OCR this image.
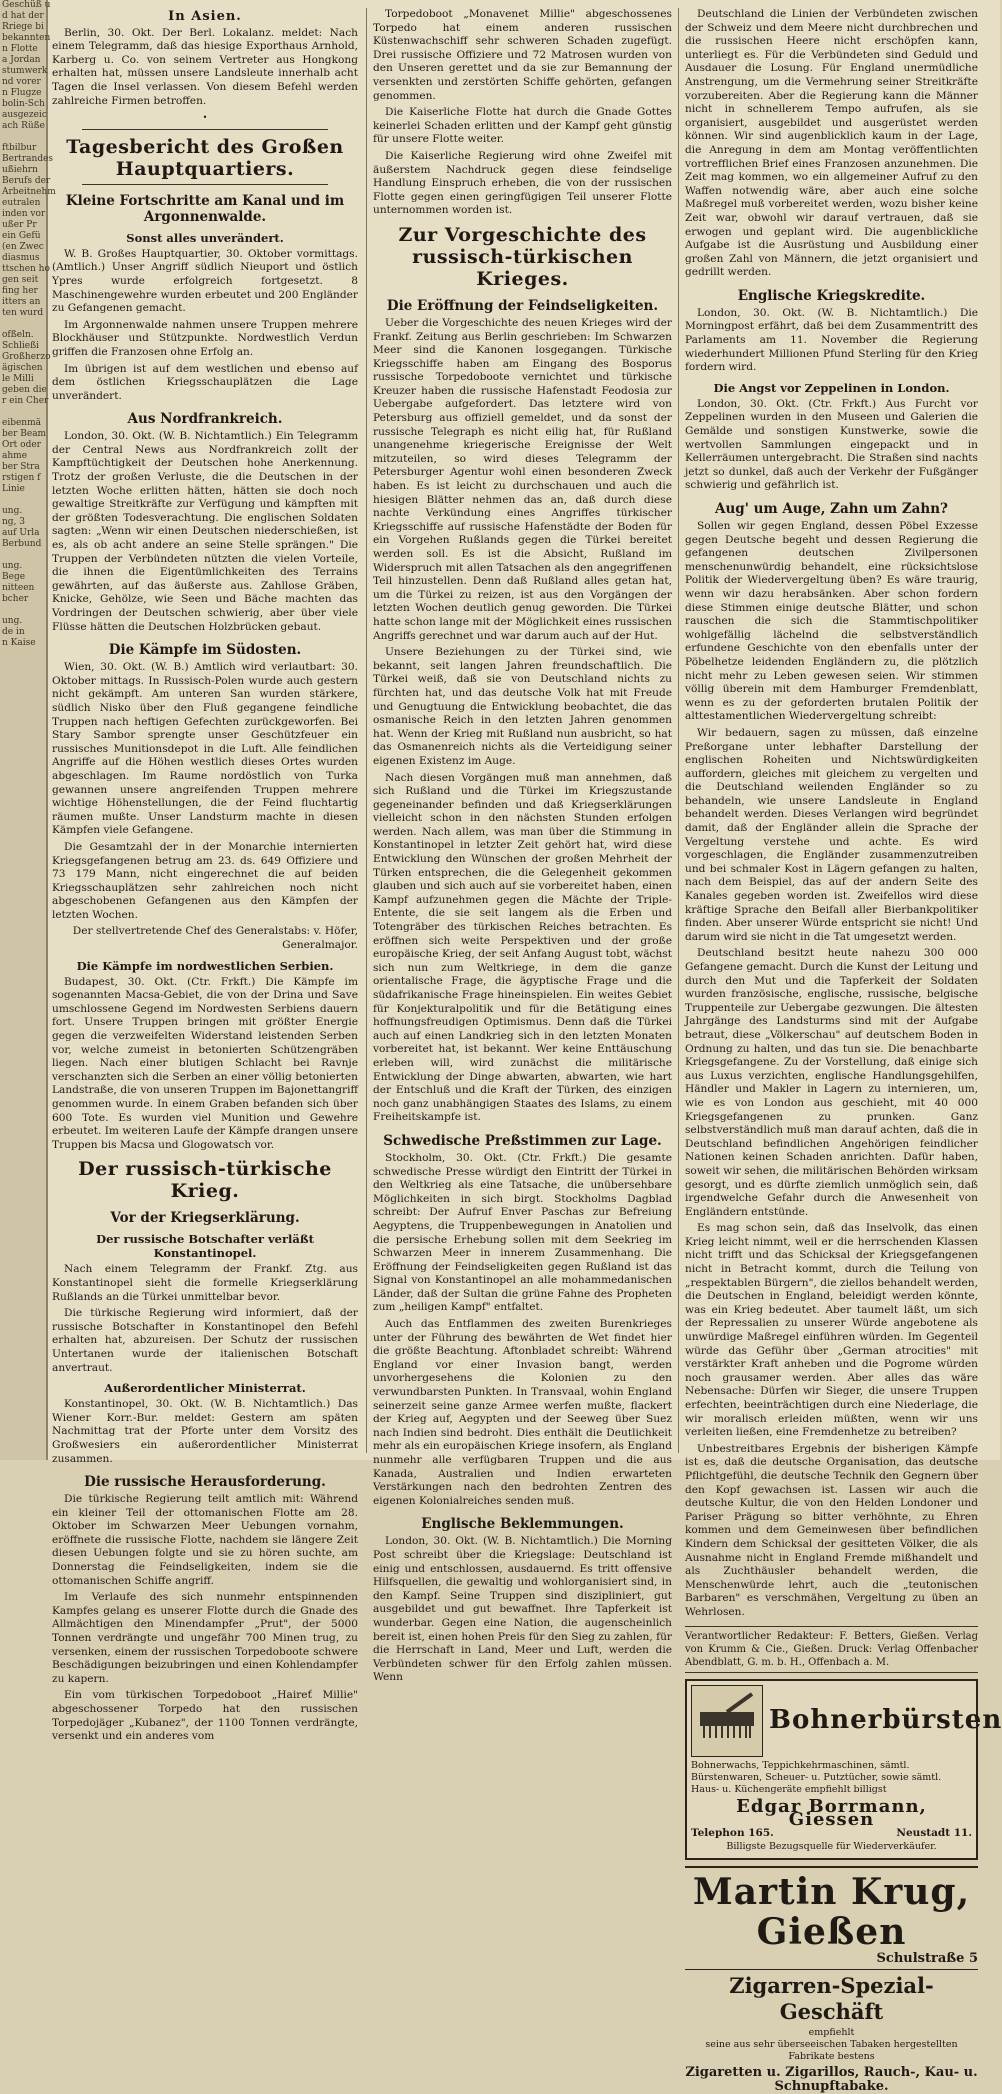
Geschüß u
d hat der
Rriege bi
bekannten
n Flotte
a Jordan
stumwerk
nd vorer
n Flugze
bolin-Sch
ausgezeic
ach Rüße

ftbilbur
Bertrandes
ußiehrn
Berufs der
Arbeitnehm
eutralen
inden vor
ußer Pr
ein Gefü
(en Zwec
diasmus
ttschen ho
gen seit
fing her
itters an
ten wurd

ofßeln.
Schließi
Großherzo
ägischen
le Milli
geben die
r ein Cher

eibenmä
ber Beam
Ort oder
ahme
ber Stra
rstigen f
Linie

ung.
ng, 3
auf Urla
Berbund

ung.
Bege
nitteen
bcher

ung.
de in
n Kaise
In Asien.

Berlin, 30. Okt. Der Berl. Lokalanz. meldet: Nach einem Telegramm, daß das hiesige Exporthaus Arnhold, Karberg u. Co. von seinem Vertreter aus Hongkong erhalten hat, müssen unsere Landsleute innerhalb acht Tagen die Insel verlassen. Von diesem Befehl werden zahlreiche Firmen betroffen.

•
Tagesbericht des Großen Hauptquartiers.
Kleine Fortschritte am Kanal und im Argonnenwalde.
Sonst alles unverändert.

W. B. Großes Hauptquartier, 30. Oktober vormittags. (Amtlich.) Unser Angriff südlich Nieuport und östlich Ypres wurde erfolgreich fortgesetzt. 8 Maschinengewehre wurden erbeutet und 200 Engländer zu Gefangenen gemacht.

Im Argonnenwalde nahmen unsere Truppen mehrere Blockhäuser und Stützpunkte. Nordwestlich Verdun griffen die Franzosen ohne Erfolg an.

Im übrigen ist auf dem westlichen und ebenso auf dem östlichen Kriegsschauplätzen die Lage unverändert.

Aus Nordfrankreich.

London, 30. Okt. (W. B. Nichtamtlich.) Ein Telegramm der Central News aus Nordfrankreich zollt der Kampftüchtigkeit der Deutschen hohe Anerkennung. Trotz der großen Verluste, die die Deutschen in der letzten Woche erlitten hätten, hätten sie doch noch gewaltige Streitkräfte zur Verfügung und kämpften mit der größten Todesverachtung. Die englischen Soldaten sagten: „Wenn wir einen Deutschen niederschießen, ist es, als ob acht andere an seine Stelle sprängen." Die Truppen der Verbündeten nützten die vielen Vorteile, die ihnen die Eigentümlichkeiten des Terrains gewährten, auf das äußerste aus. Zahllose Gräben, Knicke, Gehölze, wie Seen und Bäche machten das Vordringen der Deutschen schwierig, aber über viele Flüsse hätten die Deutschen Holzbrücken gebaut.

Die Kämpfe im Südosten.

Wien, 30. Okt. (W. B.) Amtlich wird verlautbart: 30. Oktober mittags. In Russisch-Polen wurde auch gestern nicht gekämpft. Am unteren San wurden stärkere, südlich Nisko über den Fluß gegangene feindliche Truppen nach heftigen Gefechten zurückgeworfen. Bei Stary Sambor sprengte unser Geschützfeuer ein russisches Munitionsdepot in die Luft. Alle feindlichen Angriffe auf die Höhen westlich dieses Ortes wurden abgeschlagen. Im Raume nordöstlich von Turka gewannen unsere angreifenden Truppen mehrere wichtige Höhenstellungen, die der Feind fluchtartig räumen mußte. Unser Landsturm machte in diesen Kämpfen viele Gefangene.

Die Gesamtzahl der in der Monarchie internierten Kriegsgefangenen betrug am 23. ds. 649 Offiziere und 73 179 Mann, nicht eingerechnet die auf beiden Kriegsschauplätzen sehr zahlreichen noch nicht abgeschobenen Gefangenen aus den Kämpfen der letzten Wochen.

Der stellvertretende Chef des Generalstabs: v. Höfer, Generalmajor.

Die Kämpfe im nordwestlichen Serbien.

Budapest, 30. Okt. (Ctr. Frkft.) Die Kämpfe im sogenannten Macsa-Gebiet, die von der Drina und Save umschlossene Gegend im Nordwesten Serbiens dauern fort. Unsere Truppen bringen mit größter Energie gegen die verzweifelten Widerstand leistenden Serben vor, welche zumeist in betonierten Schützengräben liegen. Nach einer blutigen Schlacht bei Ravnje verschanzten sich die Serben an einer völlig betonierten Landstraße, die von unseren Truppen im Bajonettangriff genommen wurde. In einem Graben befanden sich über 600 Tote. Es wurden viel Munition und Gewehre erbeutet. Im weiteren Laufe der Kämpfe drangen unsere Truppen bis Macsa und Glogowatsch vor.

Der russisch-türkische Krieg.
Vor der Kriegserklärung.
Der russische Botschafter verläßt Konstantinopel.

Nach einem Telegramm der Frankf. Ztg. aus Konstantinopel sieht die formelle Kriegserklärung Rußlands an die Türkei unmittelbar bevor.

Die türkische Regierung wird informiert, daß der russische Botschafter in Konstantinopel den Befehl erhalten hat, abzureisen. Der Schutz der russischen Untertanen wurde der italienischen Botschaft anvertraut.

Außerordentlicher Ministerrat.

Konstantinopel, 30. Okt. (W. B. Nichtamtlich.) Das Wiener Korr.-Bur. meldet: Gestern am späten Nachmittag trat der Pforte unter dem Vorsitz des Großwesiers ein außerordentlicher Ministerrat zusammen.

Die russische Herausforderung.

Die türkische Regierung teilt amtlich mit: Während ein kleiner Teil der ottomanischen Flotte am 28. Oktober im Schwarzen Meer Uebungen vornahm, eröffnete die russische Flotte, nachdem sie längere Zeit diesen Uebungen folgte und sie zu hören suchte, am Donnerstag die Feindseligkeiten, indem sie die ottomanischen Schiffe angriff.

Im Verlaufe des sich nunmehr entspinnenden Kampfes gelang es unserer Flotte durch die Gnade des Allmächtigen den Minendampfer „Prut", der 5000 Tonnen verdrängte und ungefähr 700 Minen trug, zu versenken, einem der russischen Torpedoboote schwere Beschädigungen beizubringen und einen Kohlendampfer zu kapern.

Ein vom türkischen Torpedoboot „Haireť Millie" abgeschossener Torpedo hat den russischen Torpedojäger „Kubanez", der 1100 Tonnen verdrängte, versenkt und ein anderes vom

Torpedoboot „Monavenet Millie" abgeschossenes Torpedo hat einem anderen russischen Küstenwachschiff sehr schweren Schaden zugefügt. Drei russische Offiziere und 72 Matrosen wurden von den Unseren gerettet und da sie zur Bemannung der versenkten und zerstörten Schiffe gehörten, gefangen genommen.

Die Kaiserliche Flotte hat durch die Gnade Gottes keinerlei Schaden erlitten und der Kampf geht günstig für unsere Flotte weiter.

Die Kaiserliche Regierung wird ohne Zweifel mit äußerstem Nachdruck gegen diese feindselige Handlung Einspruch erheben, die von der russischen Flotte gegen einen geringfügigen Teil unserer Flotte unternommen worden ist.

Zur Vorgeschichte des russisch-türkischen Krieges.
Die Eröffnung der Feindseligkeiten.

Ueber die Vorgeschichte des neuen Krieges wird der Frankf. Zeitung aus Berlin geschrieben: Im Schwarzen Meer sind die Kanonen losgegangen. Türkische Kriegsschiffe haben am Eingang des Bosporus russische Torpedoboote vernichtet und türkische Kreuzer haben die russische Hafenstadt Feodosia zur Uebergabe aufgefordert. Das letztere wird von Petersburg aus offiziell gemeldet, und da sonst der russische Telegraph es nicht eilig hat, für Rußland unangenehme kriegerische Ereignisse der Welt mitzuteilen, so wird dieses Telegramm der Petersburger Agentur wohl einen besonderen Zweck haben. Es ist leicht zu durchschauen und auch die hiesigen Blätter nehmen das an, daß durch diese nachte Verkündung eines Angriffes türkischer Kriegsschiffe auf russische Hafenstädte der Boden für ein Vorgehen Rußlands gegen die Türkei bereitet werden soll. Es ist die Absicht, Rußland im Widerspruch mit allen Tatsachen als den angegriffenen Teil hinzustellen. Denn daß Rußland alles getan hat, um die Türkei zu reizen, ist aus den Vorgängen der letzten Wochen deutlich genug geworden. Die Türkei hatte schon lange mit der Möglichkeit eines russischen Angriffs gerechnet und war darum auch auf der Hut.

Unsere Beziehungen zu der Türkei sind, wie bekannt, seit langen Jahren freundschaftlich. Die Türkei weiß, daß sie von Deutschland nichts zu fürchten hat, und das deutsche Volk hat mit Freude und Genugtuung die Entwicklung beobachtet, die das osmanische Reich in den letzten Jahren genommen hat. Wenn der Krieg mit Rußland nun ausbricht, so hat das Osmanenreich nichts als die Verteidigung seiner eigenen Existenz im Auge.

Nach diesen Vorgängen muß man annehmen, daß sich Rußland und die Türkei im Kriegszustande gegeneinander befinden und daß Kriegserklärungen vielleicht schon in den nächsten Stunden erfolgen werden. Nach allem, was man über die Stimmung in Konstantinopel in letzter Zeit gehört hat, wird diese Entwicklung den Wünschen der großen Mehrheit der Türken entsprechen, die die Gelegenheit gekommen glauben und sich auch auf sie vorbereitet haben, einen Kampf aufzunehmen gegen die Mächte der Triple-Entente, die sie seit langem als die Erben und Totengräber des türkischen Reiches betrachten. Es eröffnen sich weite Perspektiven und der große europäische Krieg, der seit Anfang August tobt, wächst sich nun zum Weltkriege, in dem die ganze orientalische Frage, die ägyptische Frage und die südafrikanische Frage hineinspielen. Ein weites Gebiet für Konjekturalpolitik und für die Betätigung eines hoffnungsfreudigen Optimismus. Denn daß die Türkei auch auf einen Landkrieg sich in den letzten Monaten vorbereitet hat, ist bekannt. Wer keine Enttäuschung erleben will, wird zunächst die militärische Entwicklung der Dinge abwarten, abwarten, wie hart der Entschluß und die Kraft der Türken, des einzigen noch ganz unabhängigen Staates des Islams, zu einem Freiheitskampfe ist.

Schwedische Preßstimmen zur Lage.

Stockholm, 30. Okt. (Ctr. Frkft.) Die gesamte schwedische Presse würdigt den Eintritt der Türkei in den Weltkrieg als eine Tatsache, die unübersehbare Möglichkeiten in sich birgt. Stockholms Dagblad schreibt: Der Aufruf Enver Paschas zur Befreiung Aegyptens, die Truppenbewegungen in Anatolien und die persische Erhebung sollen mit dem Seekrieg im Schwarzen Meer in innerem Zusammenhang. Die Eröffnung der Feindseligkeiten gegen Rußland ist das Signal von Konstantinopel an alle mohammedanischen Länder, daß der Sultan die grüne Fahne des Propheten zum „heiligen Kampf" entfaltet.

Auch das Entflammen des zweiten Burenkrieges unter der Führung des bewährten de Wet findet hier die größte Beachtung. Aftonbladet schreibt: Während England vor einer Invasion bangt, werden unvorhergesehens die Kolonien zu den verwundbarsten Punkten. In Transvaal, wohin England seinerzeit seine ganze Armee werfen mußte, flackert der Krieg auf, Aegypten und der Seeweg über Suez nach Indien sind bedroht. Dies enthält die Deutlichkeit mehr als ein europäischen Kriege insofern, als England nunmehr alle verfügbaren Truppen und die aus Kanada, Australien und Indien erwarteten Verstärkungen nach den bedrohten Zentren des eigenen Kolonialreiches senden muß.

Englische Beklemmungen.

London, 30. Okt. (W. B. Nichtamtlich.) Die Morning Post schreibt über die Kriegslage: Deutschland ist einig und entschlossen, ausdauernd. Es tritt offensive Hilfsquellen, die gewaltig und wohlorganisiert sind, in den Kampf. Seine Truppen sind diszipliniert, gut ausgebildet und gut bewaffnet. Ihre Tapferkeit ist wunderbar. Gegen eine Nation, die augenscheinlich bereit ist, einen hohen Preis für den Sieg zu zahlen, für die Herrschaft in Land, Meer und Luft, werden die Verbündeten schwer für den Erfolg zahlen müssen. Wenn

Deutschland die Linien der Verbündeten zwischen der Schweiz und dem Meere nicht durchbrechen und die russischen Heere nicht erschöpfen kann, unterliegt es. Für die Verbündeten sind Geduld und Ausdauer die Losung. Für England unermüdliche Anstrengung, um die Vermehrung seiner Streitkräfte vorzubereiten. Aber die Regierung kann die Männer nicht in schnellerem Tempo aufrufen, als sie organisiert, ausgebildet und ausgerüstet werden können. Wir sind augenblicklich kaum in der Lage, die Anregung in dem am Montag veröffentlichten vortrefflichen Brief eines Franzosen anzunehmen. Die Zeit mag kommen, wo ein allgemeiner Aufruf zu den Waffen notwendig wäre, aber auch eine solche Maßregel muß vorbereitet werden, wozu bisher keine Zeit war, obwohl wir darauf vertrauen, daß sie erwogen und geplant wird. Die augenblickliche Aufgabe ist die Ausrüstung und Ausbildung einer großen Zahl von Männern, die jetzt organisiert und gedrillt werden.

Englische Kriegskredite.

London, 30. Okt. (W. B. Nichtamtlich.) Die Morningpost erfährt, daß bei dem Zusammentritt des Parlaments am 11. November die Regierung wiederhundert Millionen Pfund Sterling für den Krieg fordern wird.

Die Angst vor Zeppelinen in London.

London, 30. Okt. (Ctr. Frkft.) Aus Furcht vor Zeppelinen wurden in den Museen und Galerien die Gemälde und sonstigen Kunstwerke, sowie die wertvollen Sammlungen eingepackt und in Kellerräumen untergebracht. Die Straßen sind nachts jetzt so dunkel, daß auch der Verkehr der Fußgänger schwierig und gefährlich ist.

Aug' um Auge, Zahn um Zahn?

Sollen wir gegen England, dessen Pöbel Exzesse gegen Deutsche begeht und dessen Regierung die gefangenen deutschen Zivilpersonen menschenunwürdig behandelt, eine rücksichtslose Politik der Wiedervergeltung üben? Es wäre traurig, wenn wir dazu herabsänken. Aber schon fordern diese Stimmen einige deutsche Blätter, und schon rauschen die sich die Stammtischpolitiker wohlgefällig lächelnd die selbstverständlich erfundene Geschichte von den ebenfalls unter der Pöbelhetze leidenden Engländern zu, die plötzlich nicht mehr zu Leben gewesen seien. Wir stimmen völlig überein mit dem Hamburger Fremdenblatt, wenn es zu der geforderten brutalen Politik der alttestamentlichen Wiedervergeltung schreibt:

Wir bedauern, sagen zu müssen, daß einzelne Preßorgane unter lebhafter Darstellung der englischen Roheiten und Nichtswürdigkeiten auffordern, gleiches mit gleichem zu vergelten und die Deutschland weilenden Engländer so zu behandeln, wie unsere Landsleute in England behandelt werden. Dieses Verlangen wird begründet damit, daß der Engländer allein die Sprache der Vergeltung verstehe und achte. Es wird vorgeschlagen, die Engländer zusammenzutreiben und bei schmaler Kost in Lägern gefangen zu halten, nach dem Beispiel, das auf der andern Seite des Kanales gegeben worden ist. Zweifellos wird diese kräftige Sprache den Beifall aller Bierbankpolitiker finden. Aber unserer Würde entspricht sie nicht! Und darum wird sie nicht in die Tat umgesetzt werden.

Deutschland besitzt heute nahezu 300 000 Gefangene gemacht. Durch die Kunst der Leitung und durch den Mut und die Tapferkeit der Soldaten wurden französische, englische, russische, belgische Truppenteile zur Uebergabe gezwungen. Die ältesten Jahrgänge des Landsturms sind mit der Aufgabe betraut, diese „Völkerschau" auf deutschem Boden in Ordnung zu halten, und das tun sie. Die benachbarte Kriegsgefangene. Zu der Vorstellung, daß einige sich aus Luxus verzichten, englische Handlungsgehilfen, Händler und Makler in Lagern zu internieren, um, wie es von London aus geschieht, mit 40 000 Kriegsgefangenen zu prunken. Ganz selbstverständlich muß man darauf achten, daß die in Deutschland befindlichen Angehörigen feindlicher Nationen keinen Schaden anrichten. Dafür haben, soweit wir sehen, die militärischen Behörden wirksam gesorgt, und es dürfte ziemlich unmöglich sein, daß irgendwelche Gefahr durch die Anwesenheit von Engländern entstünde.

Es mag schon sein, daß das Inselvolk, das einen Krieg leicht nimmt, weil er die herrschenden Klassen nicht trifft und das Schicksal der Kriegsgefangenen nicht in Betracht kommt, durch die Teilung von „respektablen Bürgern", die ziellos behandelt werden, die Deutschen in England, beleidigt werden könnte, was ein Krieg bedeutet. Aber taumelt läßt, um sich der Repressalien zu unserer Würde angebotene als unwürdige Maßregel einführen würden. Im Gegenteil würde das Geführ über „German atrocities" mit verstärkter Kraft anheben und die Pogrome würden noch grausamer werden. Aber alles das wäre Nebensache: Dürfen wir Sieger, die unsere Truppen erfechten, beeinträchtigen durch eine Niederlage, die wir moralisch erleiden müßten, wenn wir uns verleiten ließen, eine Fremdenhetze zu betreiben?

Unbestreitbares Ergebnis der bisherigen Kämpfe ist es, daß die deutsche Organisation, das deutsche Pflichtgefühl, die deutsche Technik den Gegnern über den Kopf gewachsen ist. Lassen wir auch die deutsche Kultur, die von den Helden Londoner und Pariser Prägung so bitter verhöhnte, zu Ehren kommen und dem Gemeinwesen über befindlichen Kindern dem Schicksal der gesitteten Völker, die als Ausnahme nicht in England Fremde mißhandelt und als Zuchthäusler behandelt werden, die Menschenwürde lehrt, auch die „teutonischen Barbaren" es verschmähen, Vergeltung zu üben an Wehrlosen.

Verantwortlicher Redakteur: F. Betters, Gießen. Verlag von Krumm & Cie., Gießen. Druck: Verlag Offenbacher Abendblatt, G. m. b. H., Offenbach a. M.
Bohnerbürsten
Bohnerwachs, Teppichkehrmaschinen, sämtl. Bürstenwaren, Scheuer- u. Putztücher, sowie sämtl. Haus- u. Küchengeräte empfiehlt billigst
Edgar Borrmann, Giessen
Telephon 165.	Neustadt 11.
Billigste Bezugsquelle für Wiederverkäufer.
Martin Krug, Gießen
Schulstraße 5
Zigarren-Spezial-Geschäft
empfiehlt
seine aus sehr überseeischen Tabaken hergestellten Fabrikate bestens
Zigaretten u. Zigarillos, Rauch-, Kau- u. Schnupftabake.
